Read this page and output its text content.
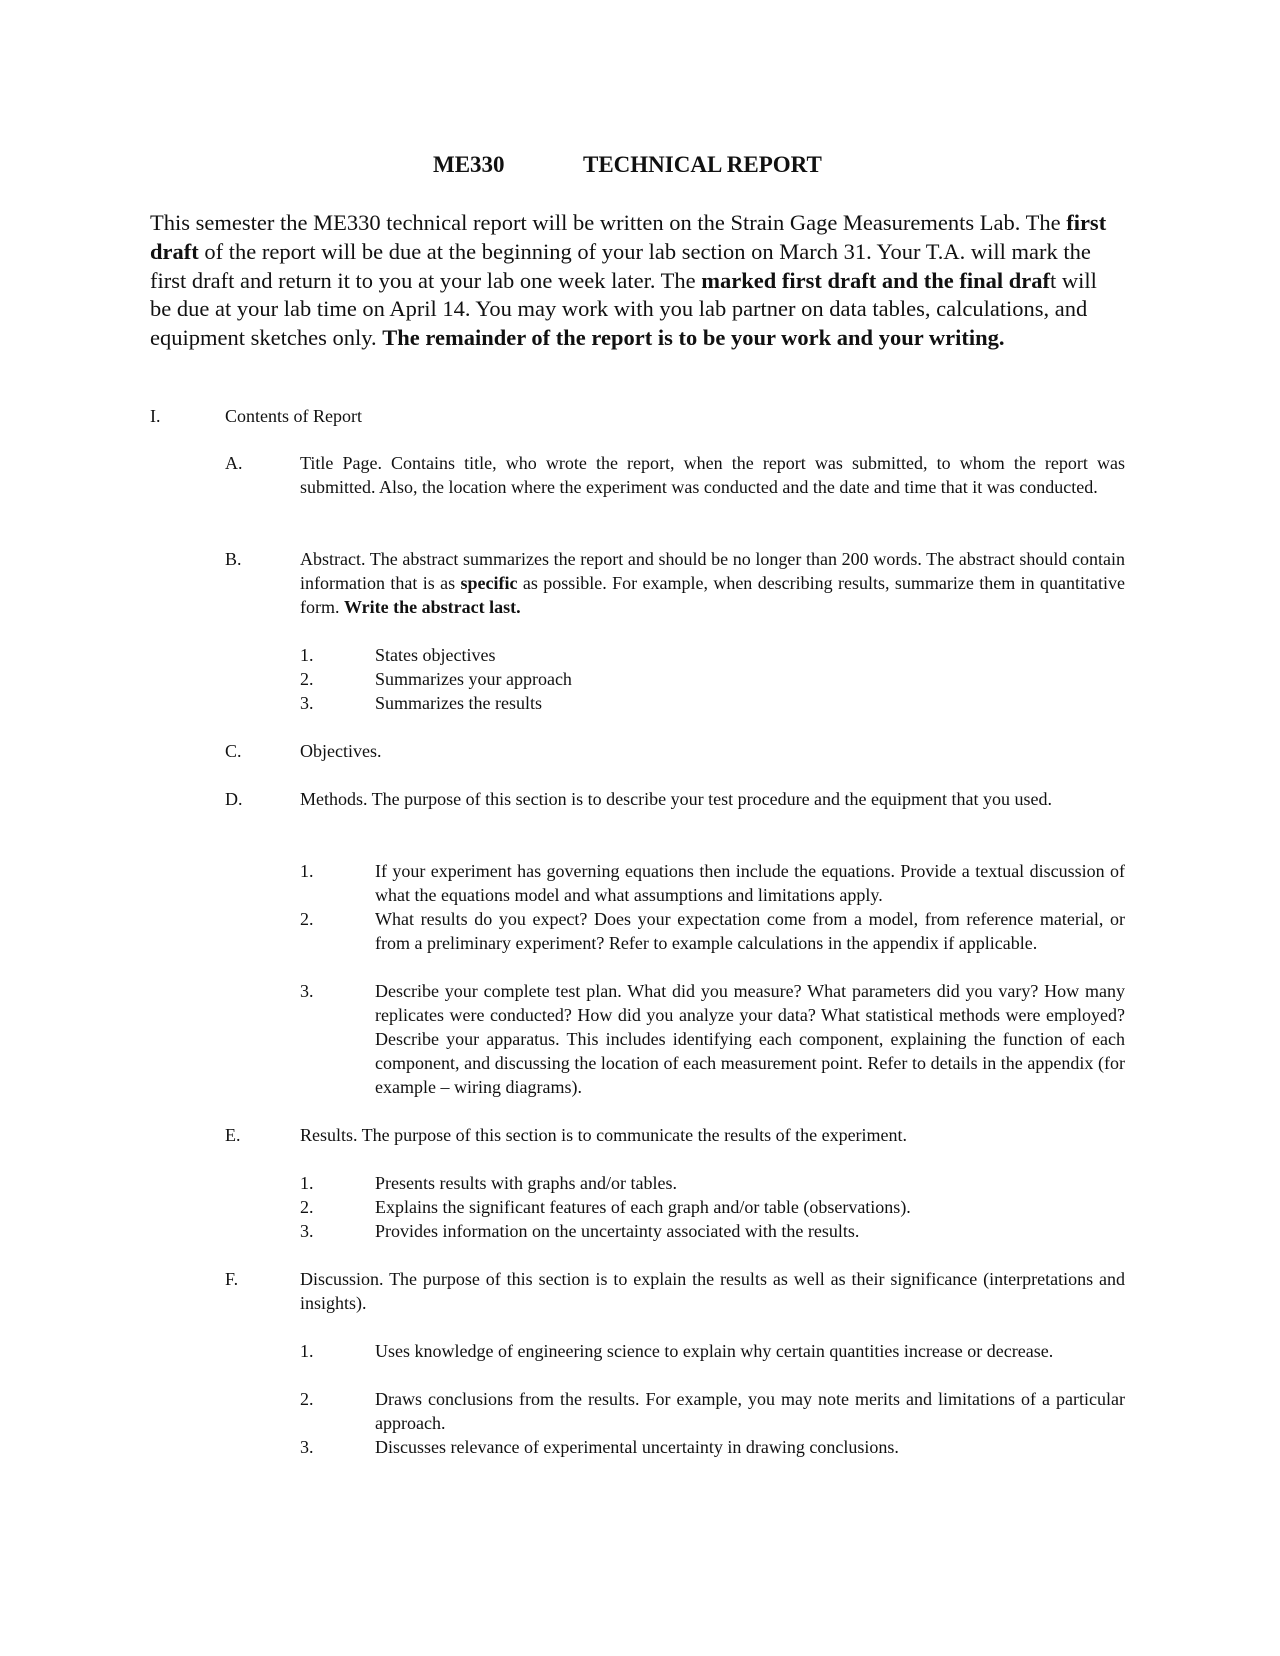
ME330	TECHNICAL REPORT

This semester the ME330 technical report will be written on the Strain Gage Measurements Lab. The first draft of the report will be due at the beginning of your lab section on March 31. Your T.A. will mark the first draft and return it to you at your lab one week later. The marked first draft and the final draft will be due at your lab time on April 14. You may work with you lab partner on data tables, calculations, and equipment sketches only. The remainder of the report is to be your work and your writing.

I.	Contents of Report
A.	Title Page. Contains title, who wrote the report, when the report was submitted, to whom the report was submitted. Also, the location where the experiment was conducted and the date and time that it was conducted.

B.	Abstract. The abstract summarizes the report and should be no longer than 200 words. The abstract should contain information that is as specific as possible. For example, when describing results, summarize them in quantitative form. Write the abstract last.

1.	States objectives
2.	Summarizes your approach
3.	Summarizes the results
C.	Objectives.
D.	Methods. The purpose of this section is to describe your test procedure and the equipment that you used.

1.	If your experiment has governing equations then include the equations. Provide a textual discussion of what the equations model and what assumptions and limitations apply.

2.	What results do you expect? Does your expectation come from a model, from reference material, or from a preliminary experiment? Refer to example calculations in the appendix if applicable.

3.	Describe your complete test plan. What did you measure? What parameters did you vary? How many replicates were conducted? How did you analyze your data? What statistical methods were employed? Describe your apparatus. This includes identifying each component, explaining the function of each component, and discussing the location of each measurement point. Refer to details in the appendix (for example – wiring diagrams).

E.	Results. The purpose of this section is to communicate the results of the experiment.
1.	Presents results with graphs and/or tables.
2.	Explains the significant features of each graph and/or table (observations).
3.	Provides information on the uncertainty associated with the results.
F.	Discussion. The purpose of this section is to explain the results as well as their significance (interpretations and insights).

1.	Uses knowledge of engineering science to explain why certain quantities increase or decrease.

2.	Draws conclusions from the results. For example, you may note merits and limitations of a particular approach.

3.	Discusses relevance of experimental uncertainty in drawing conclusions.
